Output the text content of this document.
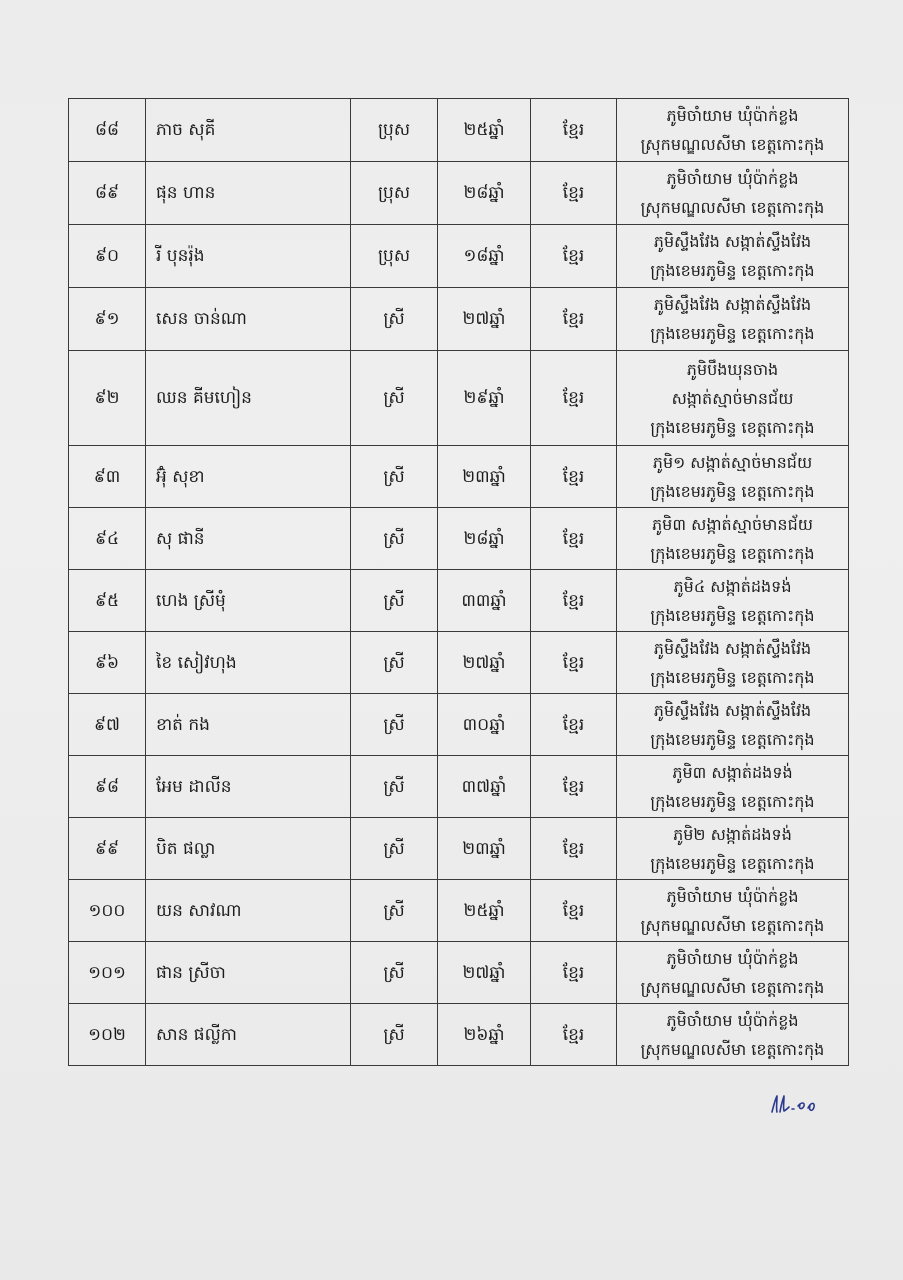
៨៨	ភាច សុគី	ប្រុស	២៥ឆ្នាំ	ខ្មែរ	ភូមិចាំយាម ឃុំប៉ាក់ខ្លង
ស្រុកមណ្ឌលសីមា ខេត្តកោះកុង

៨៩	ផុន ហាន	ប្រុស	២៨ឆ្នាំ	ខ្មែរ	ភូមិចាំយាម ឃុំប៉ាក់ខ្លង
ស្រុកមណ្ឌលសីមា ខេត្តកោះកុង

៩០	រី បុនរ៉ុង	ប្រុស	១៨ឆ្នាំ	ខ្មែរ	ភូមិស្ទឹងវែង សង្កាត់ស្ទឹងវែង
ក្រុងខេមរភូមិន្ទ ខេត្តកោះកុង

៩១	សេន ចាន់ណា	ស្រី	២៧ឆ្នាំ	ខ្មែរ	ភូមិស្ទឹងវែង សង្កាត់ស្ទឹងវែង
ក្រុងខេមរភូមិន្ទ ខេត្តកោះកុង

៩២	ឈន គីមហៀន	ស្រី	២៩ឆ្នាំ	ខ្មែរ	ភូមិបឹងឃុនចាង
សង្កាត់ស្មាច់មានជ័យ
ក្រុងខេមរភូមិន្ទ ខេត្តកោះកុង

៩៣	អ៊ុំ សុខា	ស្រី	២៣ឆ្នាំ	ខ្មែរ	ភូមិ១ សង្កាត់ស្មាច់មានជ័យ
ក្រុងខេមរភូមិន្ទ ខេត្តកោះកុង

៩៤	សុ ផានី	ស្រី	២៨ឆ្នាំ	ខ្មែរ	ភូមិ៣ សង្កាត់ស្មាច់មានជ័យ
ក្រុងខេមរភូមិន្ទ ខេត្តកោះកុង

៩៥	ហេង ស្រីមុំ	ស្រី	៣៣ឆ្នាំ	ខ្មែរ	ភូមិ៤ សង្កាត់ដងទង់
ក្រុងខេមរភូមិន្ទ ខេត្តកោះកុង

៩៦	ខៃ សៀវហុង	ស្រី	២៧ឆ្នាំ	ខ្មែរ	ភូមិស្ទឹងវែង សង្កាត់ស្ទឹងវែង
ក្រុងខេមរភូមិន្ទ ខេត្តកោះកុង

៩៧	ខាត់ កង	ស្រី	៣០ឆ្នាំ	ខ្មែរ	ភូមិស្ទឹងវែង សង្កាត់ស្ទឹងវែង
ក្រុងខេមរភូមិន្ទ ខេត្តកោះកុង

៩៨	អែម ដាលីន	ស្រី	៣៧ឆ្នាំ	ខ្មែរ	ភូមិ៣ សង្កាត់ដងទង់
ក្រុងខេមរភូមិន្ទ ខេត្តកោះកុង

៩៩	បិត ផល្លា	ស្រី	២៣ឆ្នាំ	ខ្មែរ	ភូមិ២ សង្កាត់ដងទង់
ក្រុងខេមរភូមិន្ទ ខេត្តកោះកុង

១០០	យន សាវណា	ស្រី	២៥ឆ្នាំ	ខ្មែរ	ភូមិចាំយាម ឃុំប៉ាក់ខ្លង
ស្រុកមណ្ឌលសីមា ខេត្តកោះកុង

១០១	ផាន ស្រីចា	ស្រី	២៧ឆ្នាំ	ខ្មែរ	ភូមិចាំយាម ឃុំប៉ាក់ខ្លង
ស្រុកមណ្ឌលសីមា ខេត្តកោះកុង

១០២	សាន ផល្លីកា	ស្រី	២៦ឆ្នាំ	ខ្មែរ	ភូមិចាំយាម ឃុំប៉ាក់ខ្លង
ស្រុកមណ្ឌលសីមា ខេត្តកោះកុង
